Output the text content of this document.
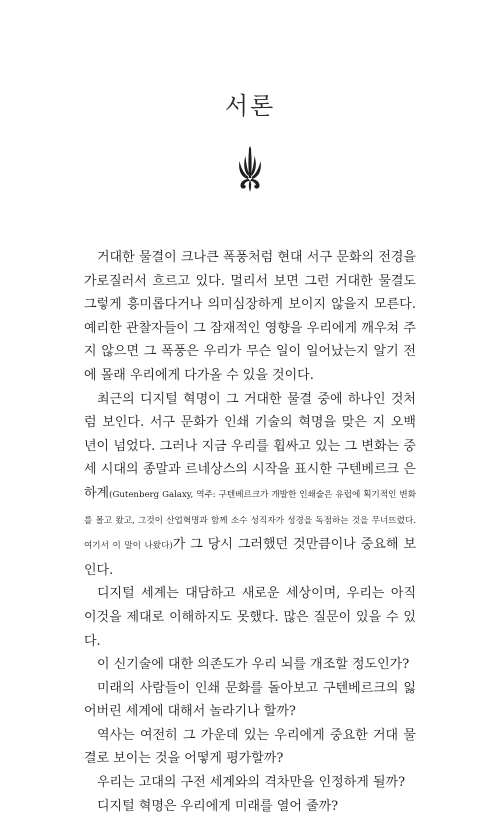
서론

거대한 물결이 크나큰 폭풍처럼 현대 서구 문화의 전경을 가로질러서 흐르고 있다. 멀리서 보면 그런 거대한 물결도 그렇게 흥미롭다거나 의미심장하게 보이지 않을지 모른다. 예리한 관찰자들이 그 잠재적인 영향을 우리에게 깨우쳐 주지 않으면 그 폭풍은 우리가 무슨 일이 일어났는지 알기 전에 몰래 우리에게 다가올 수 있을 것이다.

최근의 디지털 혁명이 그 거대한 물결 중에 하나인 것처럼 보인다. 서구 문화가 인쇄 기술의 혁명을 맞은 지 오백 년이 넘었다. 그러나 지금 우리를 휩싸고 있는 그 변화는 중세 시대의 종말과 르네상스의 시작을 표시한 구텐베르크 은하계(Gutenberg Galaxy, 역주: 구텐베르크가 개발한 인쇄술은 유럽에 획기적인 변화를 몰고 왔고, 그것이 산업혁명과 함께 소수 성직자가 성경을 독점하는 것을 무너뜨렸다. 여기서 이 말이 나왔다)가 그 당시 그러했던 것만큼이나 중요해 보인다.

디지털 세계는 대담하고 새로운 세상이며, 우리는 아직 이것을 제대로 이해하지도 못했다. 많은 질문이 있을 수 있다.

이 신기술에 대한 의존도가 우리 뇌를 개조할 정도인가?

미래의 사람들이 인쇄 문화를 돌아보고 구텐베르크의 잃어버린 세계에 대해서 놀라기나 할까?

역사는 여전히 그 가운데 있는 우리에게 중요한 거대 물결로 보이는 것을 어떻게 평가할까?

우리는 고대의 구전 세계와의 격차만을 인정하게 될까?

디지털 혁명은 우리에게 미래를 열어 줄까?
